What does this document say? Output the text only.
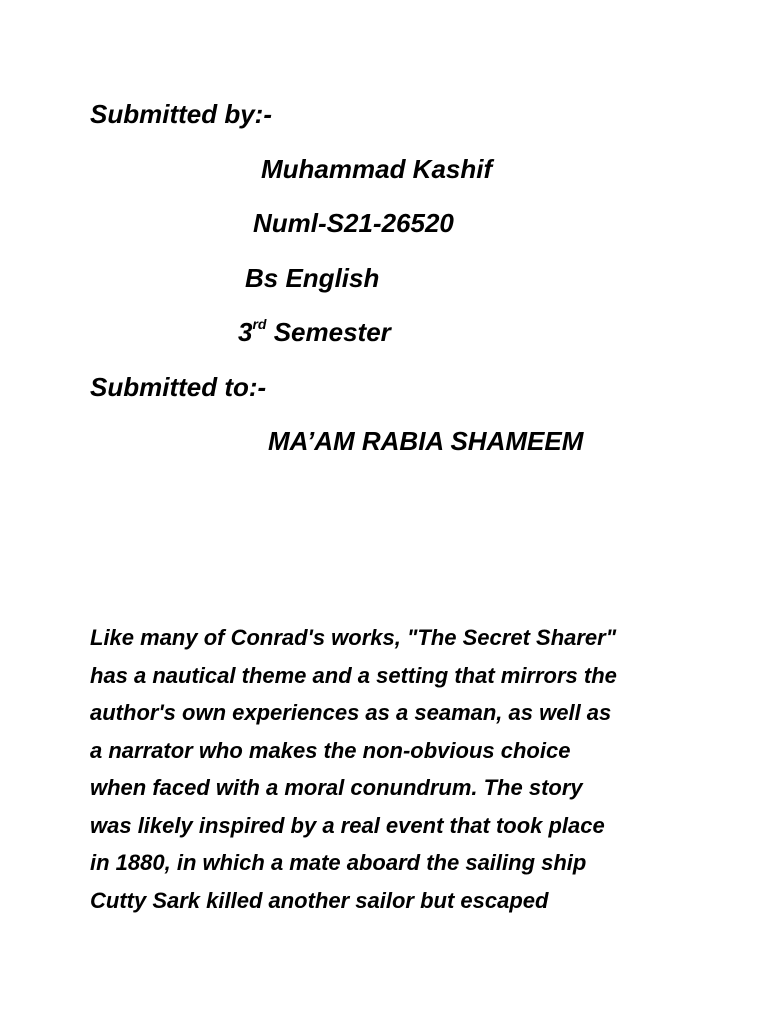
Submitted by:-
Muhammad Kashif
Numl-S21-26520
Bs English
3rd Semester
Submitted to:-
MA’AM RABIA SHAMEEM
Like many of Conrad's works, "The Secret Sharer"
has a nautical theme and a setting that mirrors the
author's own experiences as a seaman, as well as
a narrator who makes the non-obvious choice
when faced with a moral conundrum. The story
was likely inspired by a real event that took place
in 1880, in which a mate aboard the sailing ship
Cutty Sark killed another sailor but escaped
